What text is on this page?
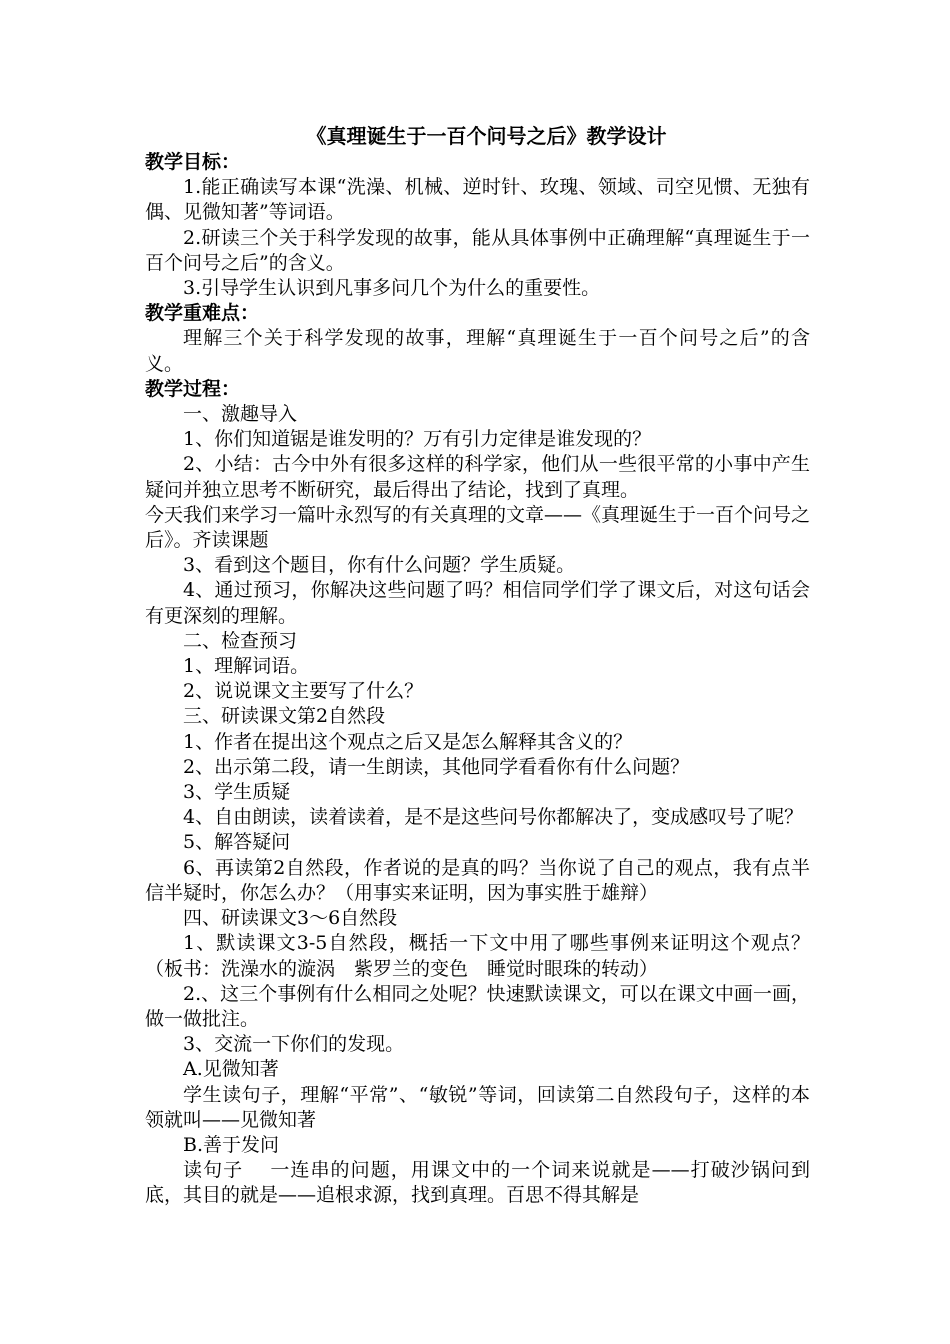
《真理诞生于一百个问号之后》教学设计
教学目标：

1.能正确读写本课“洗澡、机械、逆时针、玫瑰、领域、司空见惯、无独有偶、见微知著”等词语。

2.研读三个关于科学发现的故事，能从具体事例中正确理解“真理诞生于一百个问号之后”的含义。

3.引导学生认识到凡事多问几个为什么的重要性。

教学重难点：

理解三个关于科学发现的故事，理解“真理诞生于一百个问号之后”的含义。

教学过程：

一、激趣导入

1、你们知道锯是谁发明的？万有引力定律是谁发现的？

2、小结：古今中外有很多这样的科学家，他们从一些很平常的小事中产生疑问并独立思考不断研究，最后得出了结论，找到了真理。

今天我们来学习一篇叶永烈写的有关真理的文章——《真理诞生于一百个问号之后》。齐读课题

3、看到这个题目，你有什么问题？学生质疑。

4、通过预习，你解决这些问题了吗？相信同学们学了课文后，对这句话会有更深刻的理解。

二、检查预习

1、理解词语。

2、说说课文主要写了什么？

三、研读课文第2自然段

1、作者在提出这个观点之后又是怎么解释其含义的？

2、出示第二段，请一生朗读，其他同学看看你有什么问题？

3、学生质疑

4、自由朗读，读着读着，是不是这些问号你都解决了，变成感叹号了呢？

5、解答疑问

6、再读第2自然段，作者说的是真的吗？当你说了自己的观点，我有点半信半疑时，你怎么办？（用事实来证明，因为事实胜于雄辩）

四、研读课文3～6自然段

1、默读课文3-5自然段，概括一下文中用了哪些事例来证明这个观点？（板书：洗澡水的漩涡　紫罗兰的变色　睡觉时眼珠的转动）

2.、这三个事例有什么相同之处呢？快速默读课文，可以在课文中画一画，做一做批注。

3、交流一下你们的发现。

A.见微知著

学生读句子，理解“平常”、“敏锐”等词，回读第二自然段句子，这样的本领就叫——见微知著

B.善于发问

读句子　 一连串的问题，用课文中的一个词来说就是——打破沙锅问到底，其目的就是——追根求源，找到真理。百思不得其解是
